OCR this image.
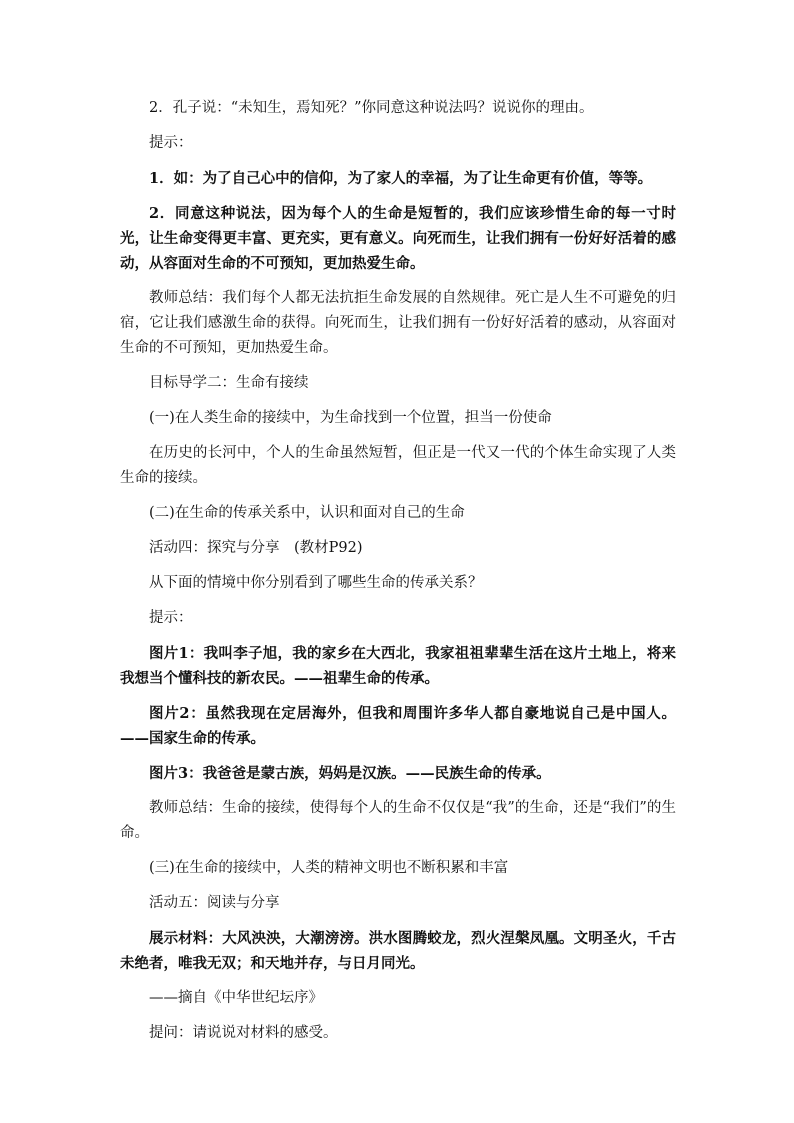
2．孔子说：“未知生，焉知死？”你同意这种说法吗？说说你的理由。

提示：

1．如：为了自己心中的信仰，为了家人的幸福，为了让生命更有价值，等等。

2．同意这种说法，因为每个人的生命是短暂的，我们应该珍惜生命的每一寸时光，让生命变得更丰富、更充实，更有意义。向死而生，让我们拥有一份好好活着的感动，从容面对生命的不可预知，更加热爱生命。

教师总结：我们每个人都无法抗拒生命发展的自然规律。死亡是人生不可避免的归宿，它让我们感激生命的获得。向死而生，让我们拥有一份好好活着的感动，从容面对生命的不可预知，更加热爱生命。

目标导学二：生命有接续

(一)在人类生命的接续中，为生命找到一个位置，担当一份使命

在历史的长河中，个人的生命虽然短暂，但正是一代又一代的个体生命实现了人类生命的接续。

(二)在生命的传承关系中，认识和面对自己的生命

活动四：探究与分享　(教材P92)

从下面的情境中你分别看到了哪些生命的传承关系？

提示：

图片1：我叫李子旭，我的家乡在大西北，我家祖祖辈辈生活在这片土地上，将来我想当个懂科技的新农民。——祖辈生命的传承。

图片2：虽然我现在定居海外，但我和周围许多华人都自豪地说自己是中国人。——国家生命的传承。

图片3：我爸爸是蒙古族，妈妈是汉族。——民族生命的传承。

教师总结：生命的接续，使得每个人的生命不仅仅是“我”的生命，还是“我们”的生命。

(三)在生命的接续中，人类的精神文明也不断积累和丰富

活动五：阅读与分享

展示材料：大风泱泱，大潮滂滂。洪水图腾蛟龙，烈火涅槃凤凰。文明圣火，千古未绝者，唯我无双；和天地并存，与日月同光。

——摘自《中华世纪坛序》

提问：请说说对材料的感受。
